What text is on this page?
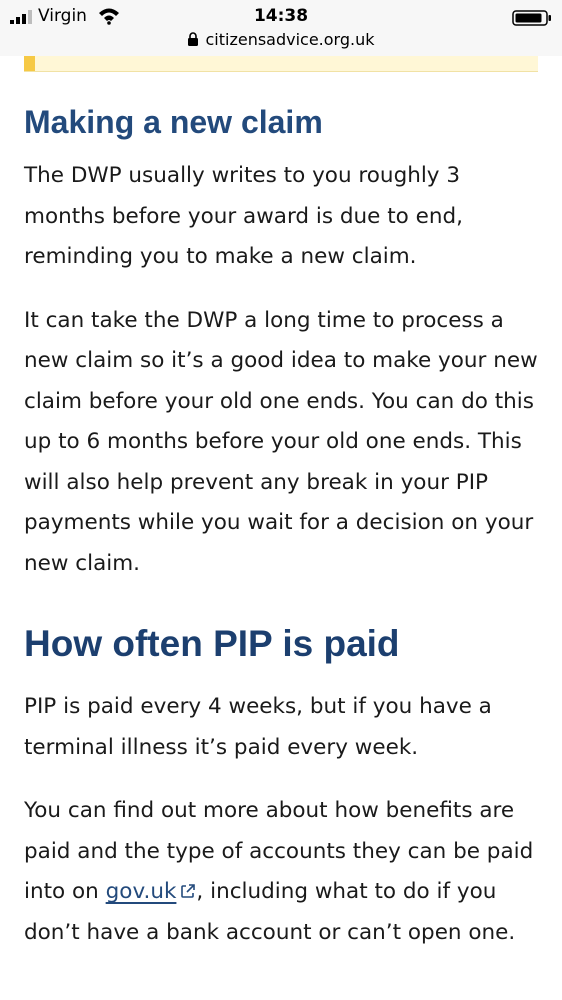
Virgin	14:38
citizensadvice.org.uk
Making a new claim

The DWP usually writes to you roughly 3 months before your award is due to end, reminding you to make a new claim.

It can take the DWP a long time to process a new claim so it’s a good idea to make your new claim before your old one ends. You can do this up to 6 months before your old one ends. This will also help prevent any break in your PIP payments while you wait for a decision on your new claim.

How often PIP is paid

PIP is paid every 4 weeks, but if you have a terminal illness it’s paid every week.

You can find out more about how benefits are paid and the type of accounts they can be paid into on gov.uk , including what to do if you don’t have a bank account or can’t open one.
